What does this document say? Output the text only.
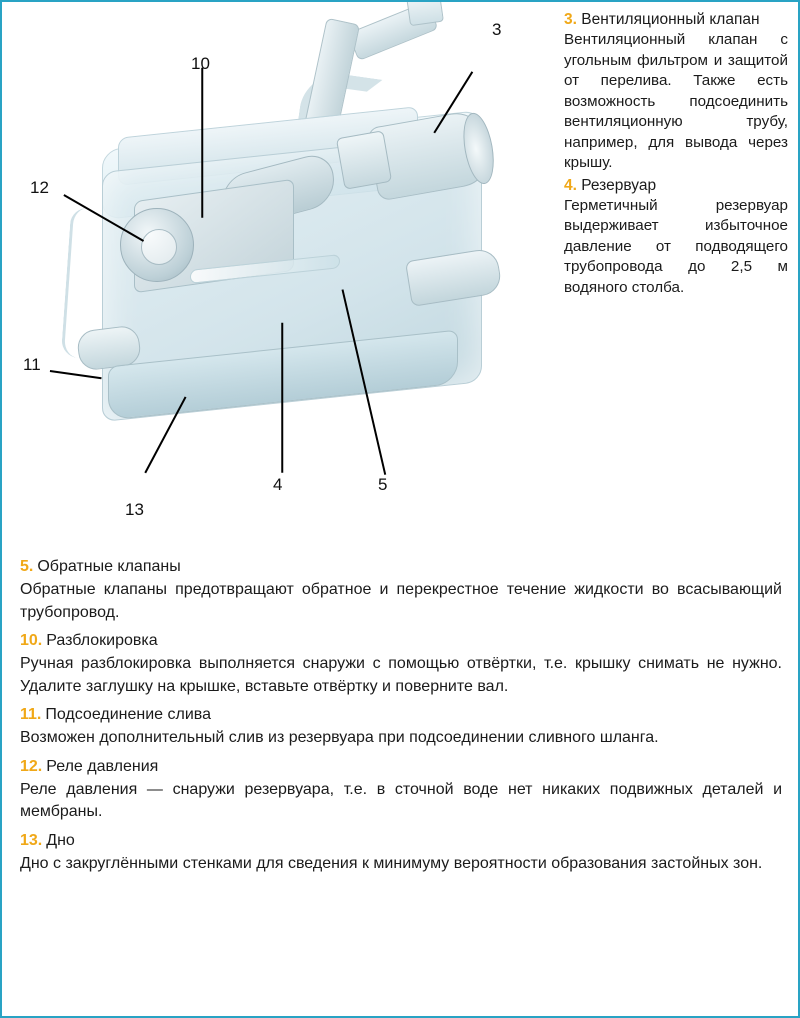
3
10
12
11
13
4	5
3. Вентиляционный клапан

Вентиляционный клапан с угольным фильтром и защитой от перелива. Также есть возможность подсоединить вентиляционную трубу, например, для вывода через крышу.

4. Резервуар

Герметичный резервуар выдерживает избыточное давление от подводящего трубопровода до 2,5 м водяного столба.

5. Обратные клапаны

Обратные клапаны предотвращают обратное и перекрестное течение жидкости во всасывающий трубопровод.

10. Разблокировка

Ручная разблокировка выполняется снаружи с помощью отвёртки, т.е. крышку снимать не нужно. Удалите заглушку на крышке, вставьте отвёртку и поверните вал.

11. Подсоединение слива

Возможен дополнительный слив из резервуара при подсоединении сливного шланга.

12. Реле давления

Реле давления — снаружи резервуара, т.е. в сточной воде нет никаких подвижных деталей и мембраны.

13. Дно

Дно с закруглёнными стенками для сведения к минимуму вероятности образования застойных зон.
